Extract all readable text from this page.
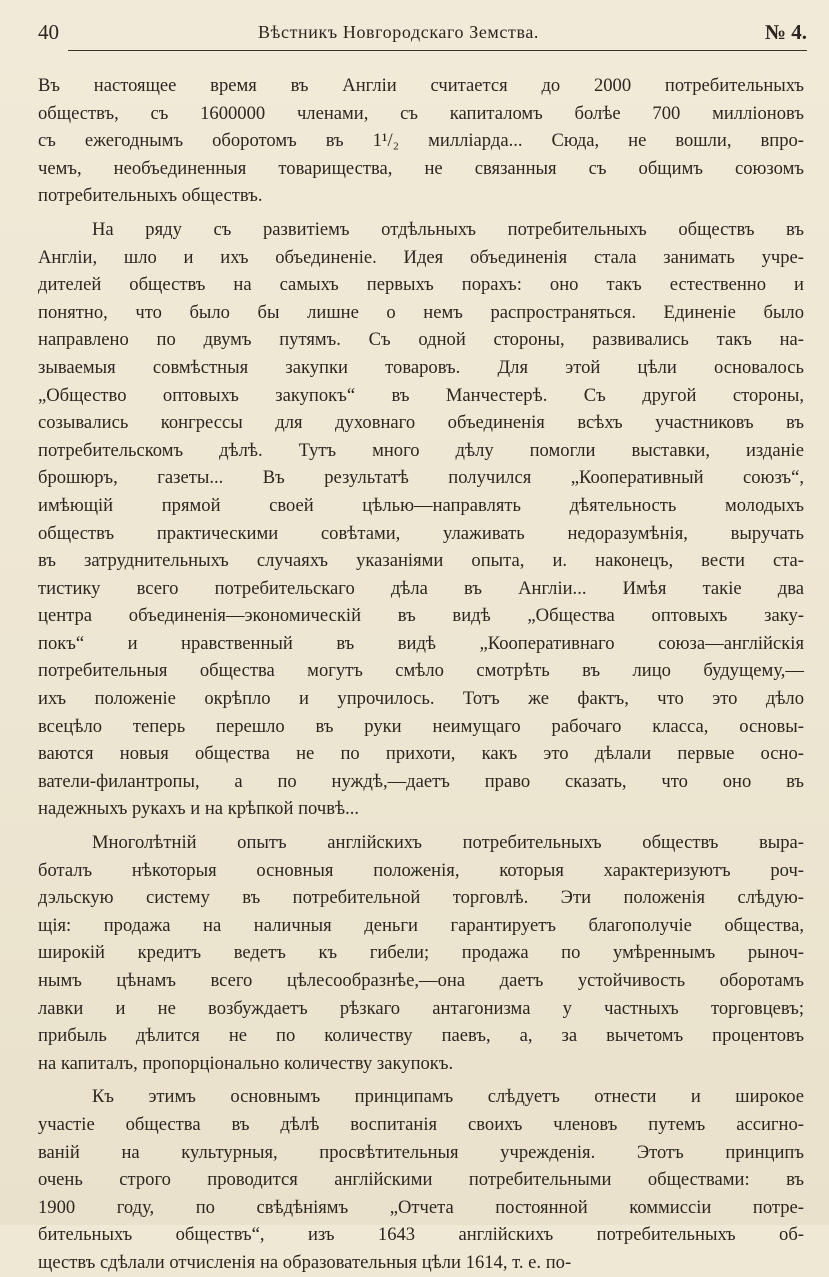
40	Вѣстникъ Новгородскаго Земства.	№ 4.

Въ настоящее время въ Англіи считается до 2000 потребительныхъ
обществъ, съ 1600000 членами, съ капиталомъ болѣе 700 милліоновъ
съ ежегоднымъ оборотомъ въ 1¹/₂ милліарда... Сюда, не вошли, впро-
чемъ, необъединенныя товарищества, не связанныя съ общимъ союзомъ
потребительныхъ обществъ.

На ряду съ развитіемъ отдѣльныхъ потребительныхъ обществъ въ
Англіи, шло и ихъ объединеніе. Идея объединенія стала занимать учре-
дителей обществъ на самыхъ первыхъ порахъ: оно такъ естественно и
понятно, что было бы лишне о немъ распространяться. Единеніе было
направлено по двумъ путямъ. Съ одной стороны, развивались такъ на-
зываемыя совмѣстныя закупки товаровъ. Для этой цѣли основалось
„Общество оптовыхъ закупокъ“ въ Манчестерѣ. Съ другой стороны,
созывались конгрессы для духовнаго объединенія всѣхъ участниковъ въ
потребительскомъ дѣлѣ. Тутъ много дѣлу помогли выставки, изданіе
брошюръ, газеты... Въ результатѣ получился „Кооперативный союзъ“,
имѣющій прямой своей цѣлью—направлять дѣятельность молодыхъ
обществъ практическими совѣтами, улаживать недоразумѣнія, выручать
въ затруднительныхъ случаяхъ указаніями опыта, и. наконецъ, вести ста-
тистику всего потребительскаго дѣла въ Англіи... Имѣя такіе два
центра объединенія—экономическій въ видѣ „Общества оптовыхъ заку-
покъ“ и нравственный въ видѣ „Кооперативнаго союза—англійскія
потребительныя общества могутъ смѣло смотрѣть въ лицо будущему,—
ихъ положеніе окрѣпло и упрочилось. Тотъ же фактъ, что это дѣло
всецѣло теперь перешло въ руки неимущаго рабочаго класса, основы-
ваются новыя общества не по прихоти, какъ это дѣлали первые осно-
ватели-филантропы, а по нуждѣ,—даетъ право сказать, что оно въ
надежныхъ рукахъ и на крѣпкой почвѣ...

Многолѣтній опытъ англійскихъ потребительныхъ обществъ выра-
боталъ нѣкоторыя основныя положенія, которыя характеризуютъ роч-
дэльскую систему въ потребительной торговлѣ. Эти положенія слѣдую-
щія: продажа на наличныя деньги гарантируетъ благополучіе общества,
широкій кредитъ ведетъ къ гибели; продажа по умѣреннымъ рыноч-
нымъ цѣнамъ всего цѣлесообразнѣе,—она даетъ устойчивость оборотамъ
лавки и не возбуждаетъ рѣзкаго антагонизма у частныхъ торговцевъ;
прибыль дѣлится не по количеству паевъ, а, за вычетомъ процентовъ
на капиталъ, пропорціонально количеству закупокъ.

Къ этимъ основнымъ принципамъ слѣдуетъ отнести и широкое
участіе общества въ дѣлѣ воспитанія своихъ членовъ путемъ ассигно-
ваній на культурныя, просвѣтительныя учрежденія. Этотъ принципъ
очень строго проводится англійскими потребительными обществами: въ
1900 году, по свѣдѣніямъ „Отчета постоянной коммиссіи потре-
бительныхъ обществъ“, изъ 1643 англійскихъ потребительныхъ об-
ществъ сдѣлали отчисленія на образовательныя цѣли 1614, т. е. по-
